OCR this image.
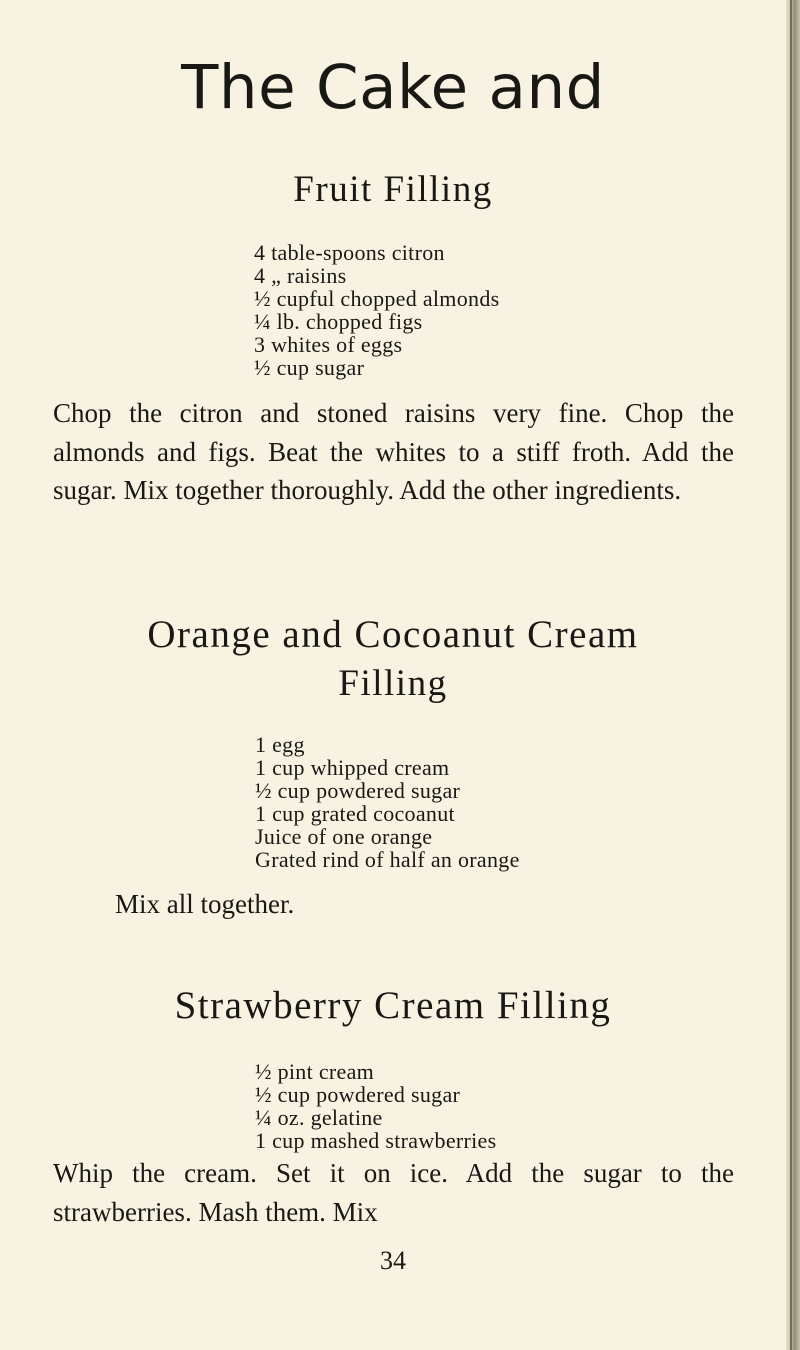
The Cake and
Fruit Filling
4 table-spoons citron
4 „ raisins
½ cupful chopped almonds
¼ lb. chopped figs
3 whites of eggs
½ cup sugar
Chop the citron and stoned raisins very fine. Chop the almonds and figs. Beat the whites to a stiff froth. Add the sugar. Mix together thoroughly. Add the other ingredients.
Orange and Cocoanut Cream
Filling
1 egg
1 cup whipped cream
½ cup powdered sugar
1 cup grated cocoanut
Juice of one orange
Grated rind of half an orange
Mix all together.
Strawberry Cream Filling
½ pint cream
½ cup powdered sugar
¼ oz. gelatine
1 cup mashed strawberries
Whip the cream. Set it on ice. Add the sugar to the strawberries. Mash them. Mix
34
